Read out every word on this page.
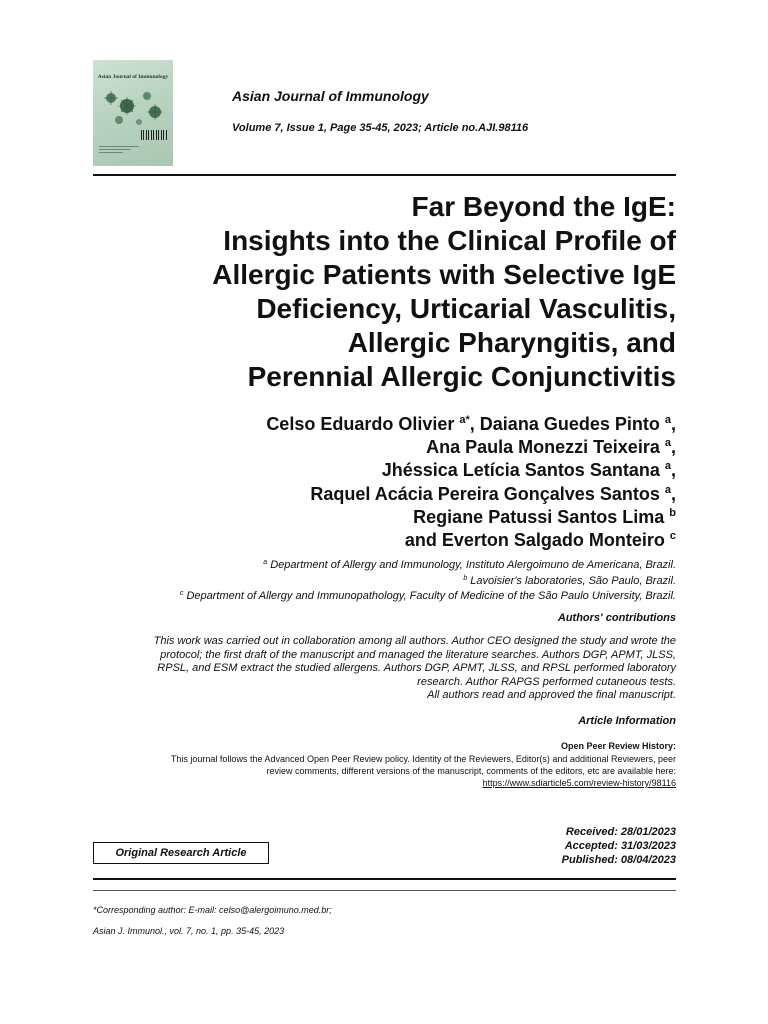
Asian Journal of Immunology
Asian Journal of Immunology
Volume 7, Issue 1, Page 35-45, 2023; Article no.AJI.98116
Far Beyond the IgE:
Insights into the Clinical Profile of
Allergic Patients with Selective IgE
Deficiency, Urticarial Vasculitis,
Allergic Pharyngitis, and
Perennial Allergic Conjunctivitis
Celso Eduardo Olivier $^{a*}$, Daiana Guedes Pinto $^a$,
Ana Paula Monezzi Teixeira $^a$,
Jhéssica Letícia Santos Santana $^a$,
Raquel Acácia Pereira Gonçalves Santos $^a$,
Regiane Patussi Santos Lima $^b$
and Everton Salgado Monteiro $^c$
$^a$ Department of Allergy and Immunology, Instituto Alergoimuno de Americana, Brazil.
$^b$ Lavoisier's laboratories, São Paulo, Brazil.
$^c$ Department of Allergy and Immunopathology, Faculty of Medicine of the São Paulo University, Brazil.
Authors' contributions
This work was carried out in collaboration among all authors. Author CEO designed the study and wrote the
protocol; the first draft of the manuscript and managed the literature searches. Authors DGP, APMT, JLSS,
RPSL, and ESM extract the studied allergens. Authors DGP, APMT, JLSS, and RPSL performed laboratory
research. Author RAPGS performed cutaneous tests.
All authors read and approved the final manuscript.
Article Information
Open Peer Review History:
This journal follows the Advanced Open Peer Review policy. Identity of the Reviewers, Editor(s) and additional Reviewers, peer
review comments, different versions of the manuscript, comments of the editors, etc are available here:
https://www.sdiarticle5.com/review-history/98116
Original Research Article
Received: 28/01/2023
Accepted: 31/03/2023
Published: 08/04/2023
*Corresponding author: E-mail: celso@alergoimuno.med.br;
Asian J. Immunol., vol. 7, no. 1, pp. 35-45, 2023
